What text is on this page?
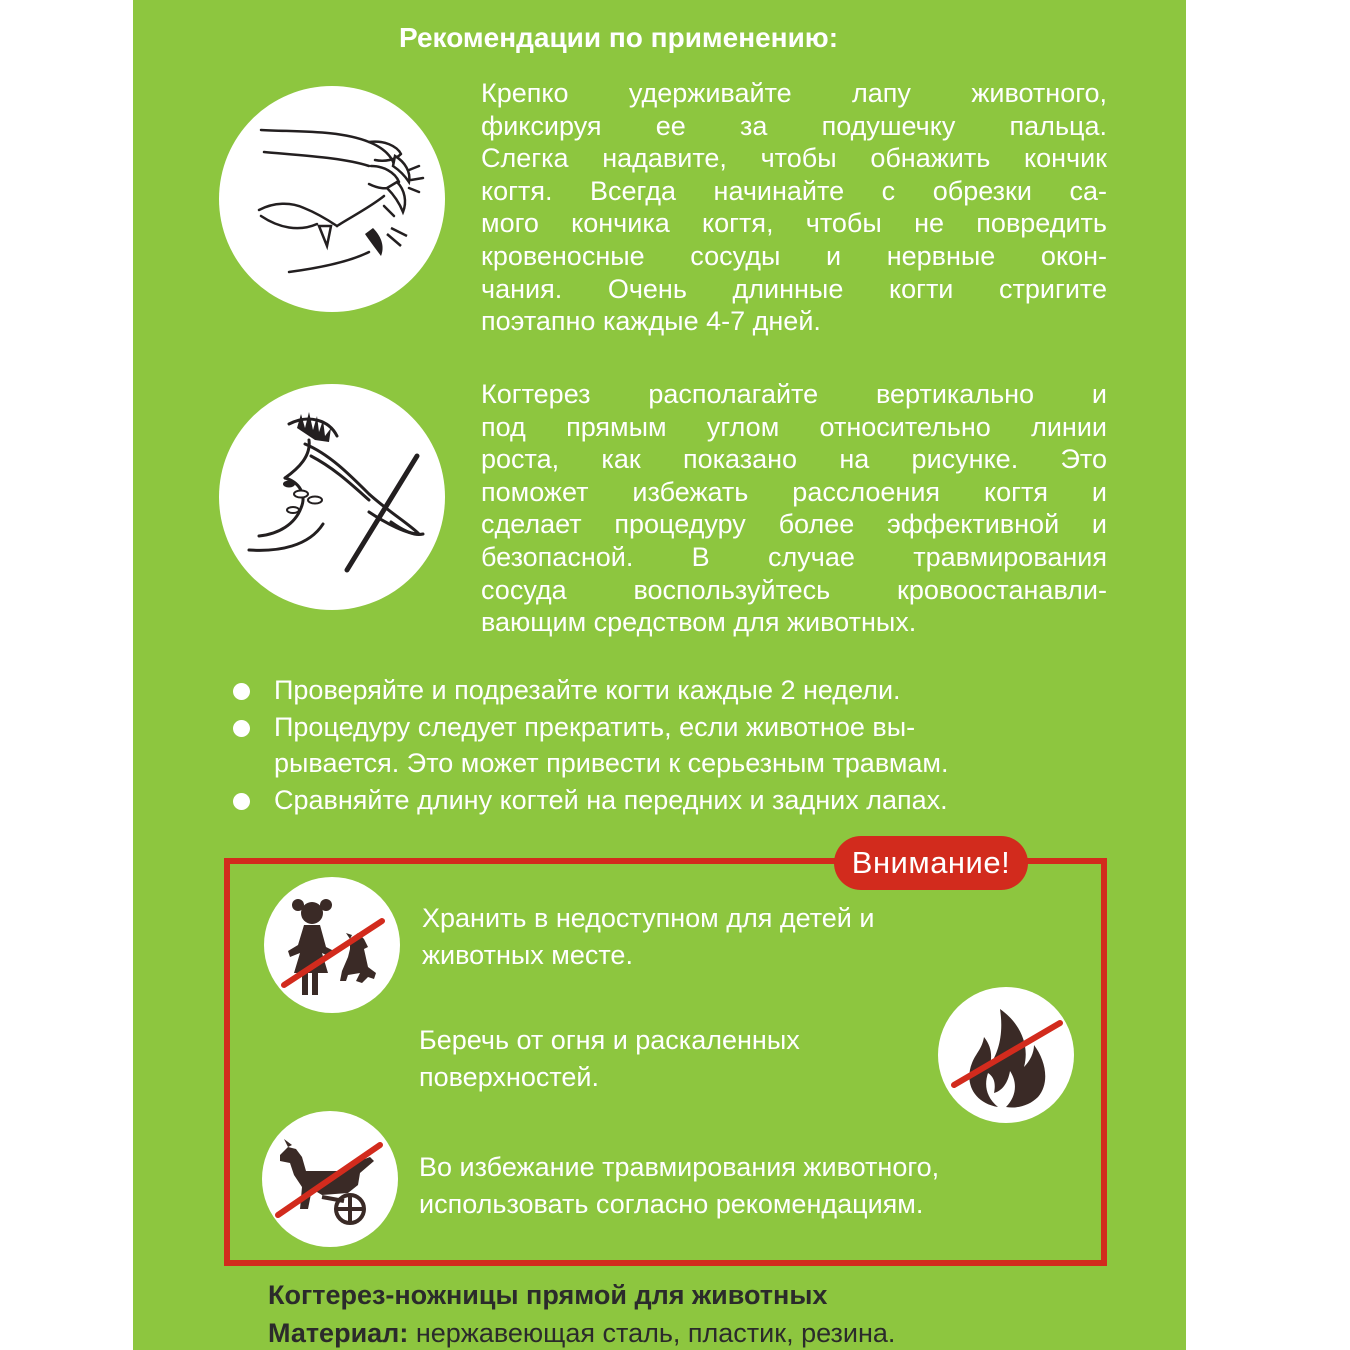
Рекомендации по применению:

Крепко удерживайте лапу животного,
фиксируя ее за подушечку пальца.
Слегка надавите, чтобы обнажить кончик
когтя. Всегда начинайте с обрезки са-
мого кончика когтя, чтобы не повредить
кровеносные сосуды и нервные окон-
чания. Очень длинные когти стригите

поэтапно каждые 4-7 дней.

Когтерез располагайте вертикально и
под прямым углом относительно линии
роста, как показано на рисунке. Это
поможет избежать расслоения когтя и
сделает процедуру более эффективной и
безопасной. В случае травмирования
сосуда воспользуйтесь кровоостанавли-

вающим средством для животных.

Проверяйте и подрезайте когти каждые 2 недели.
Процедуру следует прекратить, если животное вы-
рывается. Это может привести к серьезным травмам.
Сравняйте длину когтей на передних и задних лапах.
Внимание!
Хранить в недоступном для детей и
животных месте.
Беречь от огня и раскаленных
поверхностей.
Во избежание травмирования животного,
использовать согласно рекомендациям.
Когтерез-ножницы прямой для животных
Материал: нержавеющая сталь, пластик, резина.
